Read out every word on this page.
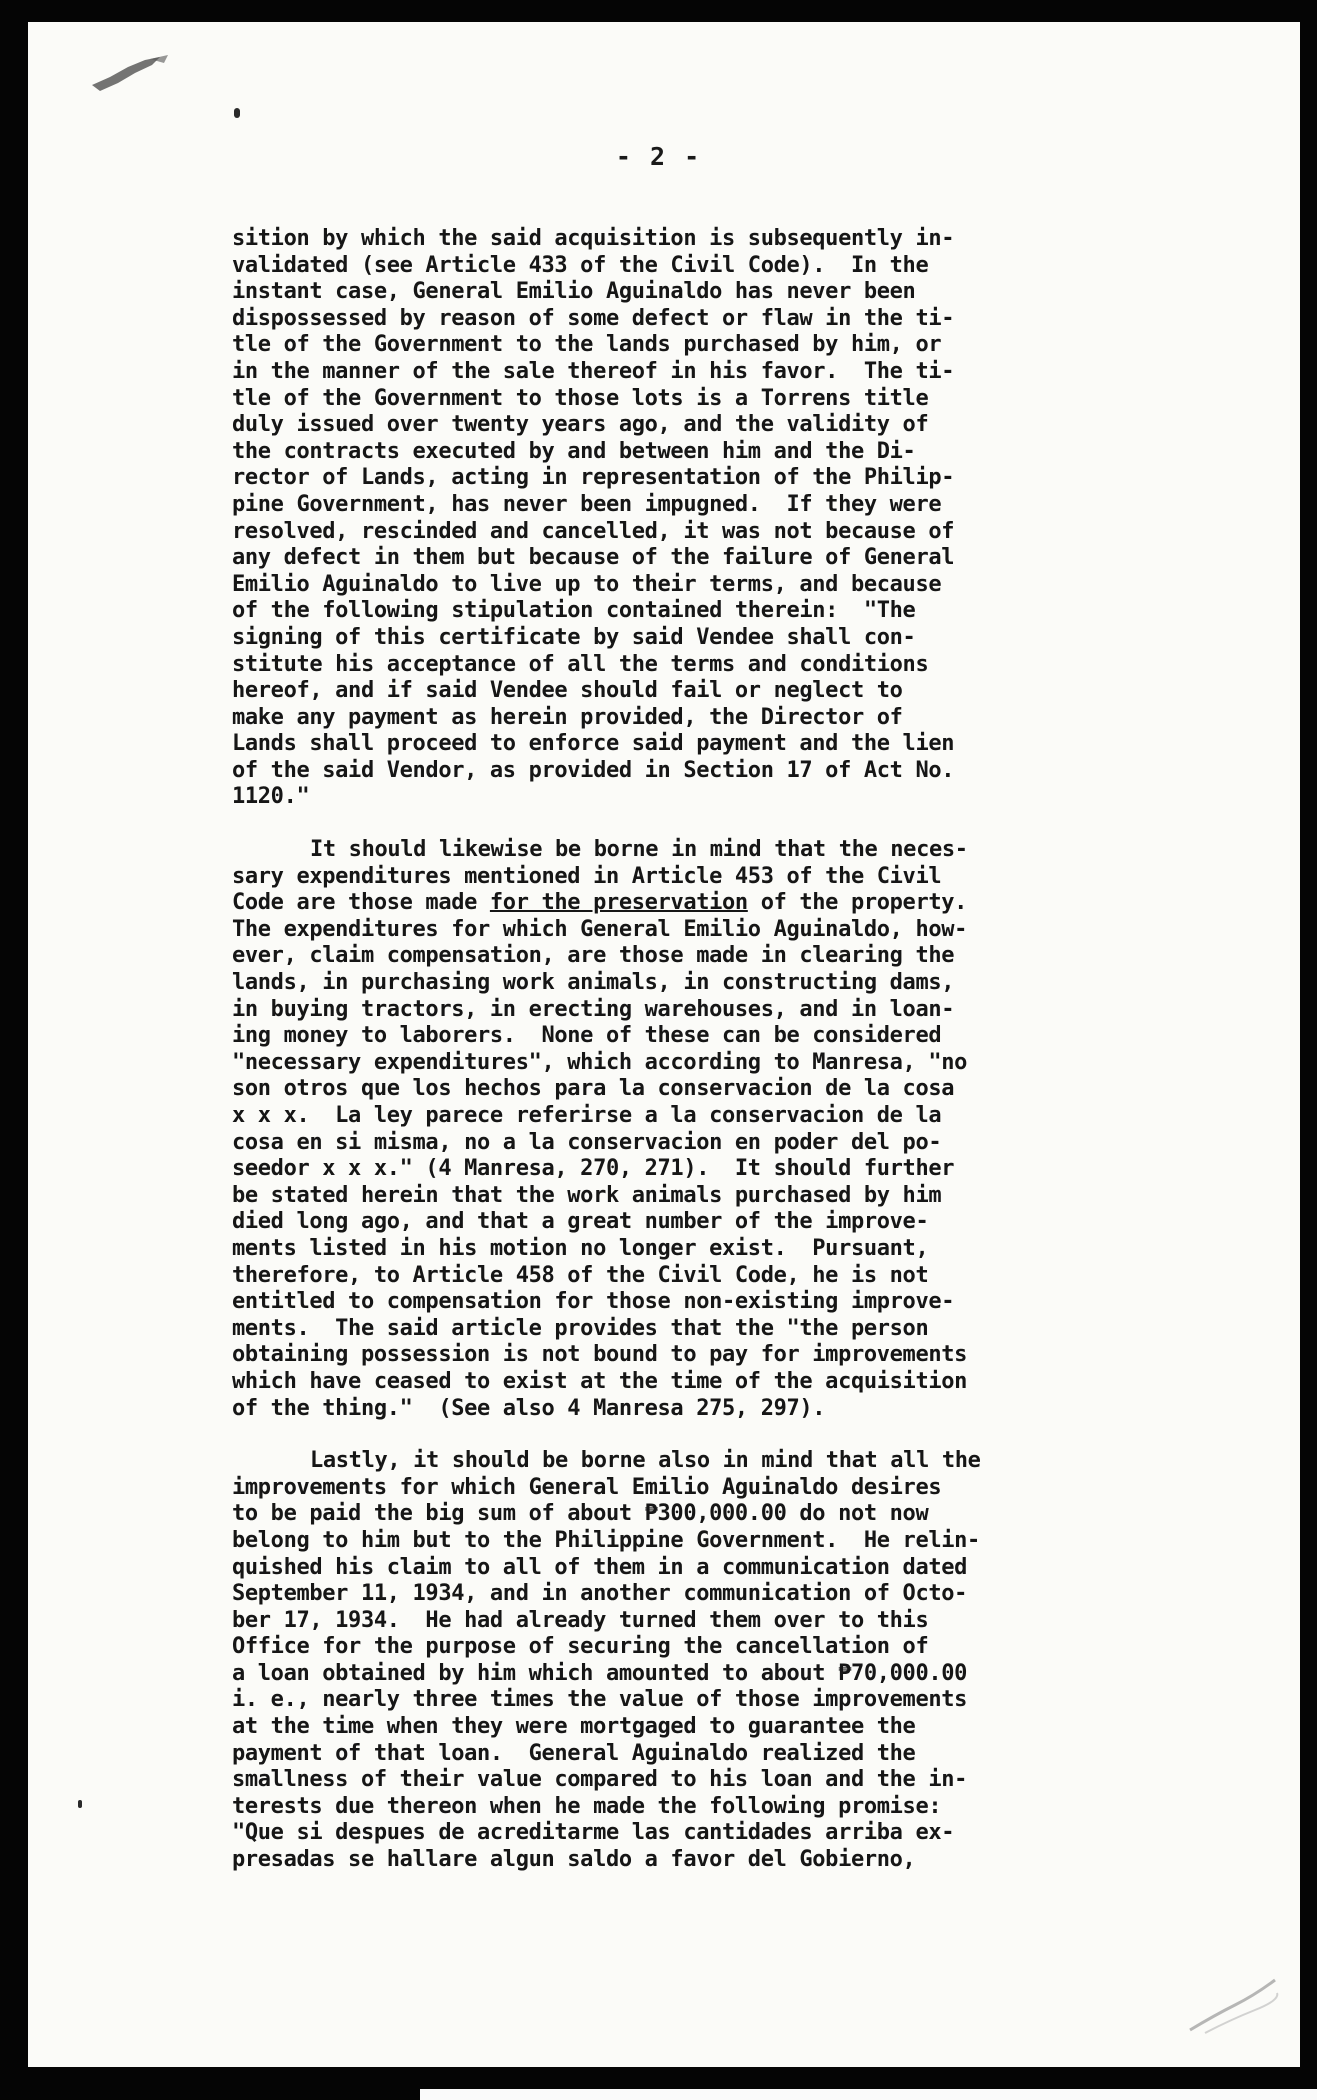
- 2 -
sition by which the said acquisition is subsequently in-
validated (see Article 433 of the Civil Code).  In the
instant case, General Emilio Aguinaldo has never been
dispossessed by reason of some defect or flaw in the ti-
tle of the Government to the lands purchased by him, or
in the manner of the sale thereof in his favor.  The ti-
tle of the Government to those lots is a Torrens title
duly issued over twenty years ago, and the validity of
the contracts executed by and between him and the Di-
rector of Lands, acting in representation of the Philip-
pine Government, has never been impugned.  If they were
resolved, rescinded and cancelled, it was not because of
any defect in them but because of the failure of General
Emilio Aguinaldo to live up to their terms, and because
of the following stipulation contained therein:  "The
signing of this certificate by said Vendee shall con-
stitute his acceptance of all the terms and conditions
hereof, and if said Vendee should fail or neglect to
make any payment as herein provided, the Director of
Lands shall proceed to enforce said payment and the lien
of the said Vendor, as provided in Section 17 of Act No.
1120."
It should likewise be borne in mind that the neces-
sary expenditures mentioned in Article 453 of the Civil
Code are those made for the preservation of the property.
The expenditures for which General Emilio Aguinaldo, how-
ever, claim compensation, are those made in clearing the
lands, in purchasing work animals, in constructing dams,
in buying tractors, in erecting warehouses, and in loan-
ing money to laborers.  None of these can be considered
"necessary expenditures", which according to Manresa, "no
son otros que los hechos para la conservacion de la cosa
x x x.  La ley parece referirse a la conservacion de la
cosa en si misma, no a la conservacion en poder del po-
seedor x x x." (4 Manresa, 270, 271).  It should further
be stated herein that the work animals purchased by him
died long ago, and that a great number of the improve-
ments listed in his motion no longer exist.  Pursuant,
therefore, to Article 458 of the Civil Code, he is not
entitled to compensation for those non-existing improve-
ments.  The said article provides that the "the person
obtaining possession is not bound to pay for improvements
which have ceased to exist at the time of the acquisition
of the thing."  (See also 4 Manresa 275, 297).
Lastly, it should be borne also in mind that all the
improvements for which General Emilio Aguinaldo desires
to be paid the big sum of about ₱300,000.00 do not now
belong to him but to the Philippine Government.  He relin-
quished his claim to all of them in a communication dated
September 11, 1934, and in another communication of Octo-
ber 17, 1934.  He had already turned them over to this
Office for the purpose of securing the cancellation of
a loan obtained by him which amounted to about ₱70,000.00
i. e., nearly three times the value of those improvements
at the time when they were mortgaged to guarantee the
payment of that loan.  General Aguinaldo realized the
smallness of their value compared to his loan and the in-
terests due thereon when he made the following promise:
"Que si despues de acreditarme las cantidades arriba ex-
presadas se hallare algun saldo a favor del Gobierno,
